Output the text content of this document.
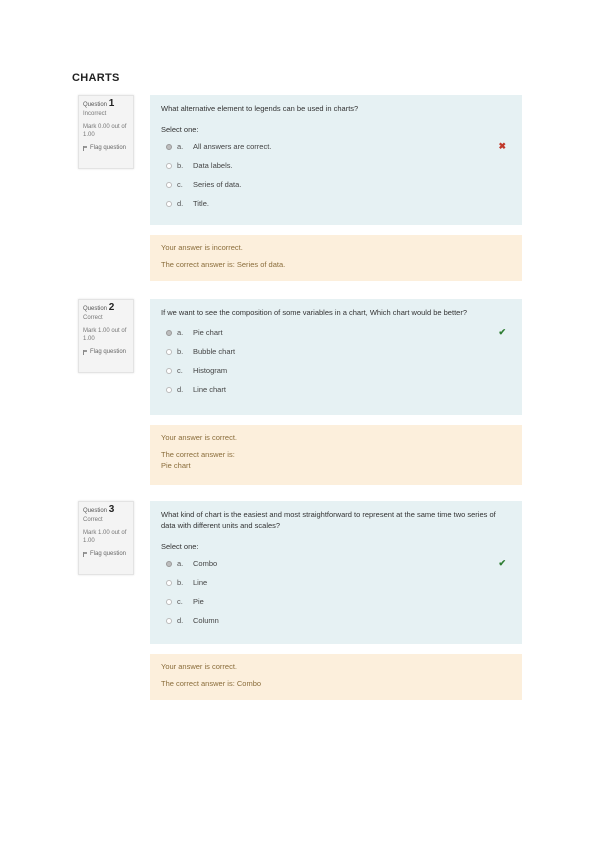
CHARTS
Question 1
Incorrect
Mark 0.00 out of 1.00
Flag question
What alternative element to legends can be used in charts?
Select one:
a.	All answers are correct.	✖
b.	Data labels.
c.	Series of data.
d.	Title.
Your answer is incorrect.
The correct answer is: Series of data.
Question 2
Correct
Mark 1.00 out of 1.00
Flag question
If we want to see the composition of some variables in a chart, Which chart would be better?
a.	Pie chart	✔
b.	Bubble chart
c.	Histogram
d.	Line chart
Your answer is correct.
The correct answer is:
Pie chart
Question 3
Correct
Mark 1.00 out of 1.00
Flag question
What kind of chart is the easiest and most straightforward to represent at the same time two series of data with different units and scales?
Select one:
a.	Combo	✔
b.	Line
c.	Pie
d.	Column
Your answer is correct.
The correct answer is: Combo
